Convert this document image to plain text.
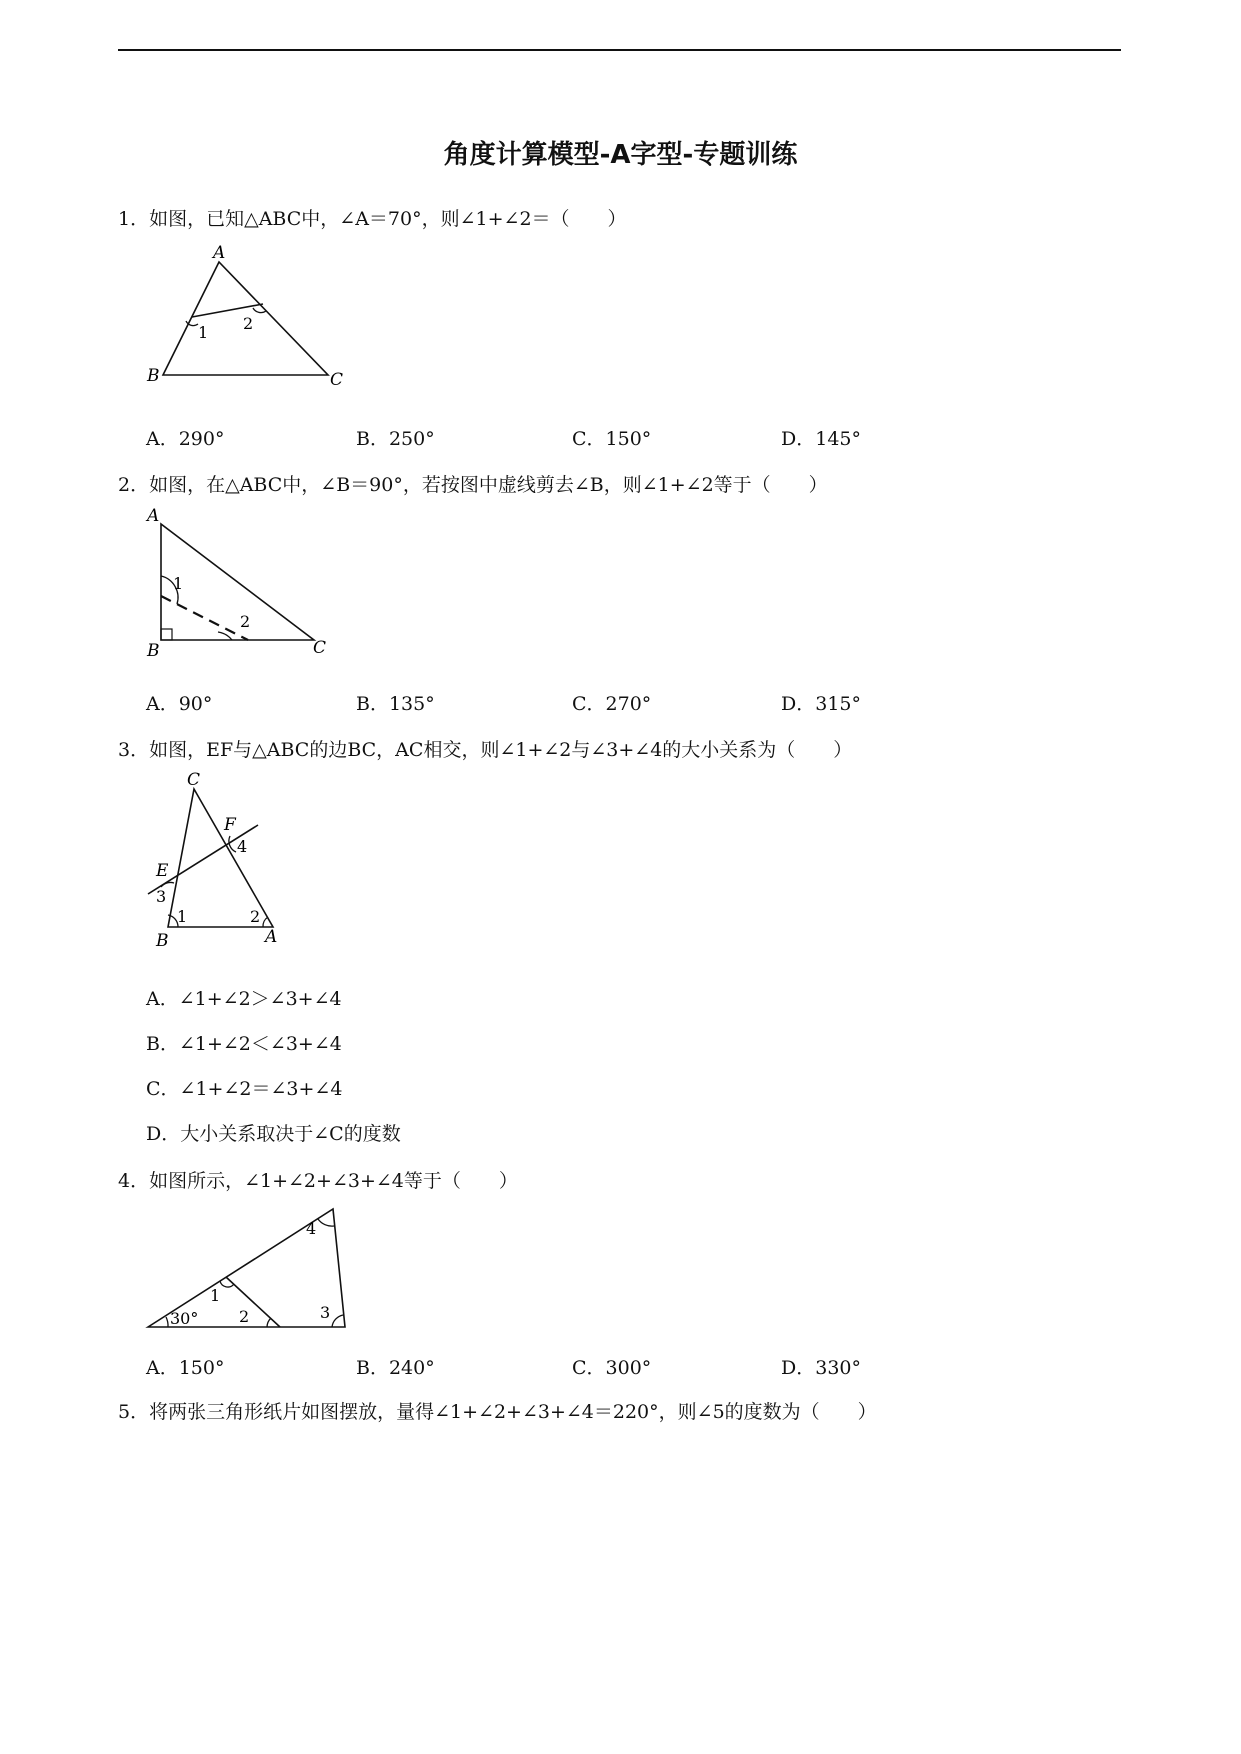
角度计算模型-A字型-专题训练
1．如图，已知△ABC中，∠A＝70°，则∠1+∠2＝（　　）
A
B	C
1 2
A．290°	B．250°	C．150°	D．145°
2．如图，在△ABC中，∠B＝90°，若按图中虚线剪去∠B，则∠1+∠2等于（　　）
A
B	C
1
2
A．90°	B．135°	C．270°	D．315°
3．如图，EF与△ABC的边BC，AC相交，则∠1+∠2与∠3+∠4的大小关系为（　　）
C
F
4
E
3
1	2
B	A
A．∠1+∠2＞∠3+∠4
B．∠1+∠2＜∠3+∠4
C．∠1+∠2＝∠3+∠4
D．大小关系取决于∠C的度数
4．如图所示，∠1+∠2+∠3+∠4等于（　　）
4
1
30°	2	3
A．150°	B．240°	C．300°	D．330°
5．将两张三角形纸片如图摆放，量得∠1+∠2+∠3+∠4＝220°，则∠5的度数为（　　）
